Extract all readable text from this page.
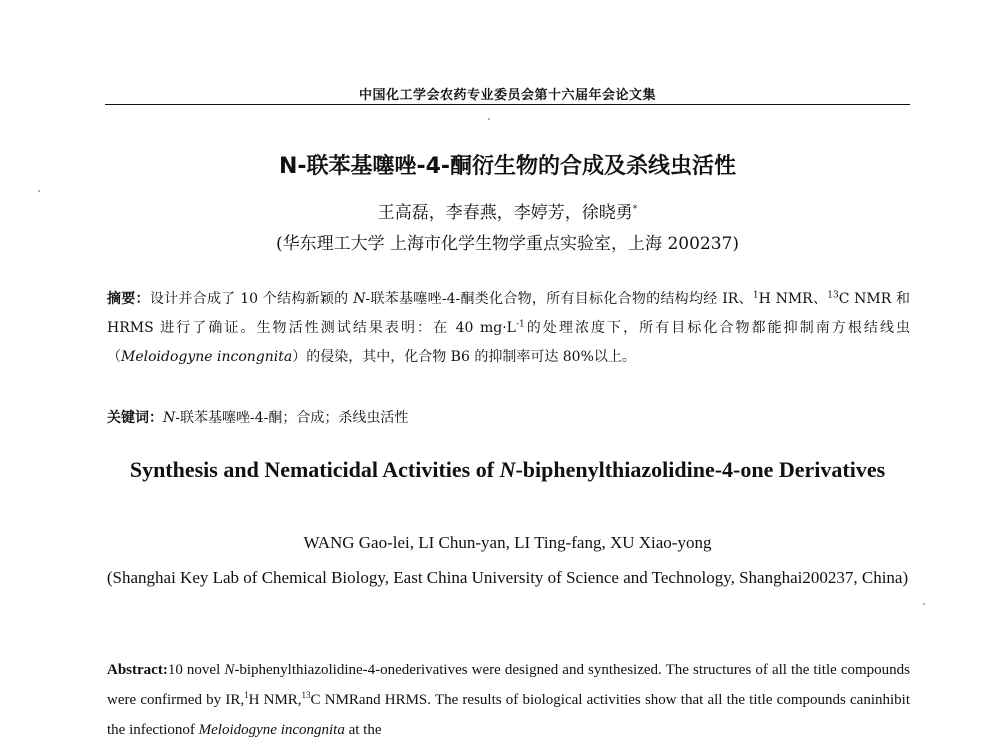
中国化工学会农药专业委员会第十六届年会论文集
N-联苯基噻唑-4-酮衍生物的合成及杀线虫活性
王高磊，李春燕，李婷芳，徐晓勇*
(华东理工大学 上海市化学生物学重点实验室，上海 200237)
摘要：设计并合成了 10 个结构新颖的 N-联苯基噻唑-4-酮类化合物，所有目标化合物的结构均经 IR、$^1$H NMR、$^{13}$C NMR 和 HRMS 进行了确证。生物活性测试结果表明：在 40 $mg\cdot L^{-1}$的处理浓度下，所有目标化合物都能抑制南方根结线虫（Meloidogyne incongnita）的侵染，其中，化合物 B6 的抑制率可达 80%以上。
关键词：N-联苯基噻唑-4-酮；合成；杀线虫活性
Synthesis and Nematicidal Activities of N-biphenylthiazolidine-4-one Derivatives
WANG Gao-lei, LI Chun-yan, LI Ting-fang, XU Xiao-yong
(Shanghai Key Lab of Chemical Biology, East China University of Science and Technology, Shanghai200237, China)
Abstract:10 novel N-biphenylthiazolidine-4-onederivatives were designed and synthesized. The structures of all the title compounds were confirmed by IR,$^1$H NMR,$^{13}$C NMRand HRMS. The results of biological activities show that all the title compounds caninhibit the infectionof Meloidogyne incongnita at the
